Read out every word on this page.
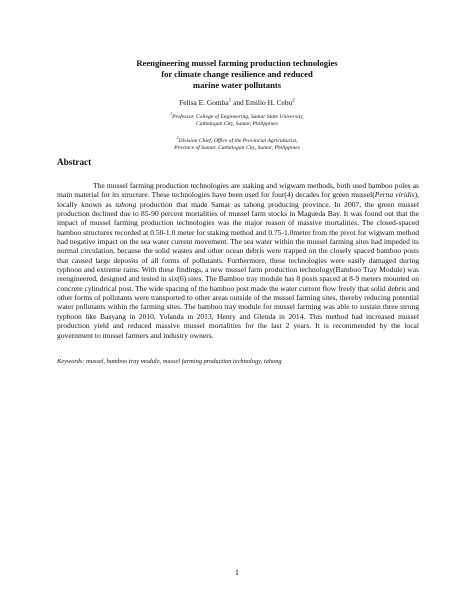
Reengineering mussel farming production technologies
for climate change resilience and reduced
marine water pollutants
Felisa E. Gomba$^1$ and Emilio H. Cebu$^2$
$^1$Professor, College of Engineering, Samar State University,
Catbalogan City, Samar, Philippines
$^2$Division Chief, Office of the Provincial Agriculturist,
Province of Samar, Catbalogan City, Samar, Philippines
Abstract

The mussel farming production technologies are staking and wigwam methods, both used bamboo poles as main material for its structure. These technologies have been used for four(4) decades for green mussel(Perna viridis), locally known as tahong production that made Samar as tahong producing province. In 2007, the green mussel production declined due to 85-90 percent mortalities of mussel farm stocks in Magueda Bay. It was found out that the impact of mussel farming production technologies was the major reason of massive mortalities. The closed-spaced bamboo structures recorded at 0.50-1.0 meter for staking method and 0.75-1.0meter from the pivot for wigwam method had negative impact on the sea water current movement. The sea water within the mussel farming sites had impeded its normal circulation, because the solid wastes and other ocean debris were trapped on the closely spaced bamboo posts that caused large deposits of all forms of pollutants. Furthermore, these technologies were easily damaged during typhoon and extreme rains. With these findings, a new mussel farm production technology(Bamboo Tray Module) was reengineered, designed and tested in six(6) sites. The Bamboo tray module has 8 posts spaced at 8-9 meters mounted on concrete cylindrical post. The wide spacing of the bamboo post made the water current flow freely that solid debris and other forms of pollutants were transported to other areas outside of the mussel farming sites, thereby reducing potential water pollutants within the farming sites. The bamboo tray module for mussel farming was able to sustain three strong typhoon like Basyang in 2010, Yolanda in 2013, Henry and Glenda in 2014. This method had increased mussel production yield and reduced massive mussel mortalities for the last 2 years. It is recommended by the local government to mussel farmers and industry owners.

Keywords: mussel, bamboo tray module, mussel farming production technology, tahong
1
